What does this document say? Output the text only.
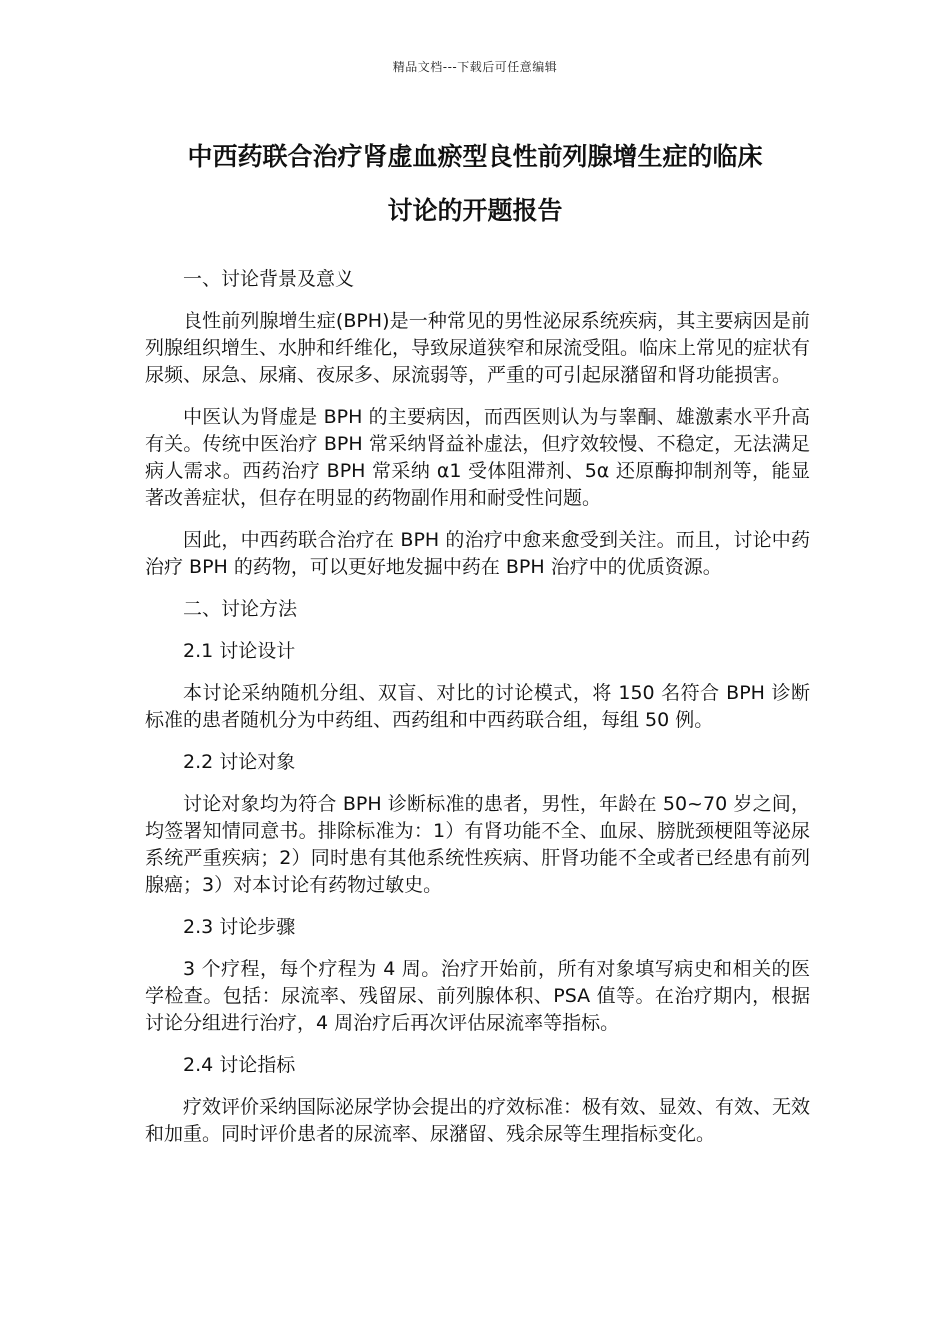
精品文档---下载后可任意编辑
中西药联合治疗肾虚血瘀型良性前列腺增生症的临床
讨论的开题报告

一、讨论背景及意义

良性前列腺增生症(BPH)是一种常见的男性泌尿系统疾病，其主要病因是前列腺组织增生、水肿和纤维化，导致尿道狭窄和尿流受阻。临床上常见的症状有尿频、尿急、尿痛、夜尿多、尿流弱等，严重的可引起尿潴留和肾功能损害。

中医认为肾虚是 BPH 的主要病因，而西医则认为与睾酮、雄激素水平升高有关。传统中医治疗 BPH 常采纳肾益补虚法，但疗效较慢、不稳定，无法满足病人需求。西药治疗 BPH 常采纳 α1 受体阻滞剂、5α 还原酶抑制剂等，能显著改善症状，但存在明显的药物副作用和耐受性问题。

因此，中西药联合治疗在 BPH 的治疗中愈来愈受到关注。而且，讨论中药治疗 BPH 的药物，可以更好地发掘中药在 BPH 治疗中的优质资源。

二、讨论方法

2.1 讨论设计

本讨论采纳随机分组、双盲、对比的讨论模式，将 150 名符合 BPH 诊断标准的患者随机分为中药组、西药组和中西药联合组，每组 50 例。

2.2 讨论对象

讨论对象均为符合 BPH 诊断标准的患者，男性，年龄在 50~70 岁之间，均签署知情同意书。排除标准为：1）有肾功能不全、血尿、膀胱颈梗阻等泌尿系统严重疾病；2）同时患有其他系统性疾病、肝肾功能不全或者已经患有前列腺癌；3）对本讨论有药物过敏史。

2.3 讨论步骤

3 个疗程，每个疗程为 4 周。治疗开始前，所有对象填写病史和相关的医学检查。包括：尿流率、残留尿、前列腺体积、PSA 值等。在治疗期内，根据讨论分组进行治疗，4 周治疗后再次评估尿流率等指标。

2.4 讨论指标

疗效评价采纳国际泌尿学协会提出的疗效标准：极有效、显效、有效、无效和加重。同时评价患者的尿流率、尿潴留、残余尿等生理指标变化。
